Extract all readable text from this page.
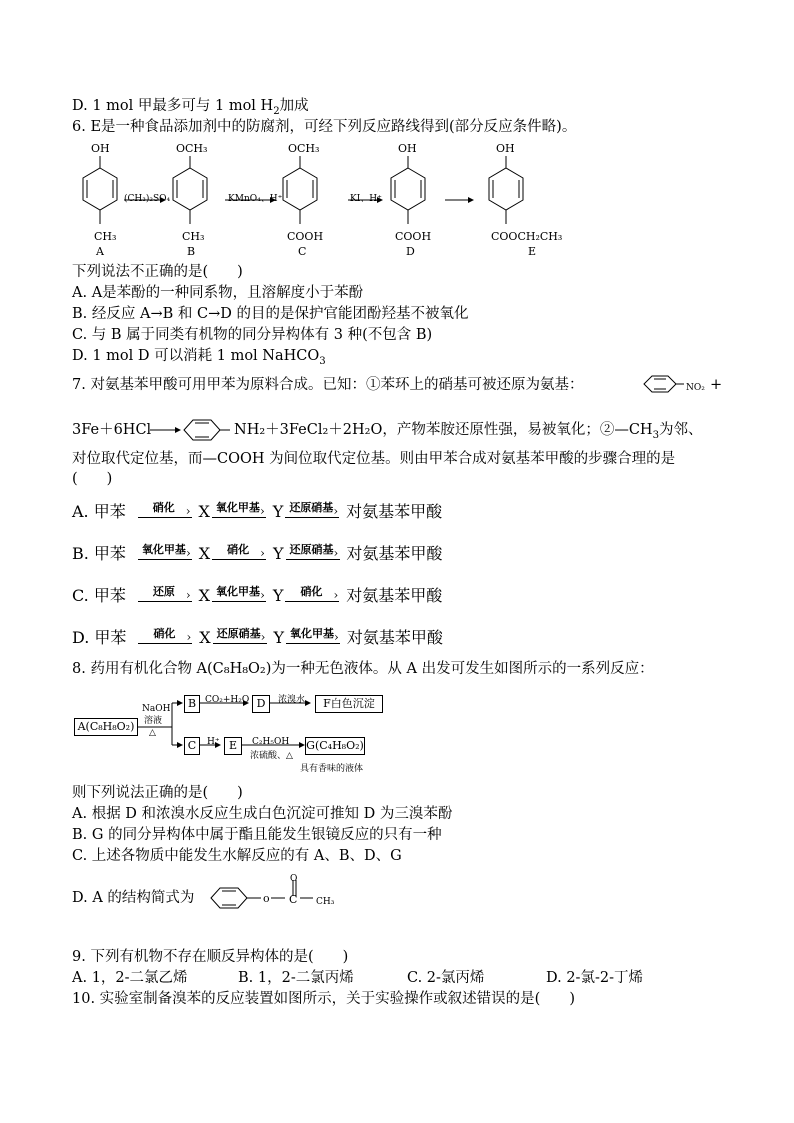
D. 1 mol 甲最多可与 1 mol $H_2$加成
6. E是一种食品添加剂中的防腐剂，可经下列反应路线得到(部分反应条件略)。
OH
CH₃
A
(CH₃)₂SO₄
OCH₃
CH₃
B
KMnO₄、H⁺
OCH₃
COOH
C
KI、H⁺
OH
COOH
D
OH
COOCH₂CH₃
E
下列说法不正确的是(　　)
A. A是苯酚的一种同系物，且溶解度小于苯酚
B. 经反应 A→B 和 C→D 的目的是保护官能团酚羟基不被氧化
C. 与 B 属于同类有机物的同分异构体有 3 种(不包含 B)
D. 1 mol D 可以消耗 1 mol NaHCO$_3$
7. 对氨基苯甲酸可用甲苯为原料合成。已知：①苯环上的硝基可被还原为氨基：	NO₂ +
3Fe＋6HCl	NH₂＋3FeCl₂＋2H₂O，产物苯胺还原性强，易被氧化；$②—CH_3$为邻、
对位取代定位基，而—COOH 为间位取代定位基。则由甲苯合成对氨基苯甲酸的步骤合理的是
(　　)
A. 甲苯 硝化 › X 氧化甲基› Y 还原硝基› 对氨基苯甲酸
B. 甲苯 氧化甲基› X 硝化 › Y 还原硝基› 对氨基苯甲酸
C. 甲苯 还原 › X 氧化甲基› Y 硝化 › 对氨基苯甲酸
D. 甲苯 硝化 › X 还原硝基› Y 氧化甲基› 对氨基苯甲酸
8. 药用有机化合物 A(C₈H₈O₂)为一种无色液体。从 A 出发可发生如图所示的一系列反应：
A(C₈H₈O₂)
NaOH
溶液
△
B CO₂+H₂O D	浓溴水	F白色沉淀
C	H⁺ E	C₂H₅OH
浓硫酸、△
G(C₄H₈O₂)
具有香味的液体
则下列说法正确的是(　　)
A. 根据 D 和浓溴水反应生成白色沉淀可推知 D 为三溴苯酚
B. G 的同分异构体中属于酯且能发生银镜反应的只有一种
C. 上述各物质中能发生水解反应的有 A、B、D、G
D. A 的结构简式为
O
o C CH₃
9. 下列有机物不存在顺反异构体的是(　　)
A. 1，2-二氯乙烯	B. 1，2-二氯丙烯	C. 2-氯丙烯	D. 2-氯-2-丁烯
10. 实验室制备溴苯的反应装置如图所示，关于实验操作或叙述错误的是(　　)
